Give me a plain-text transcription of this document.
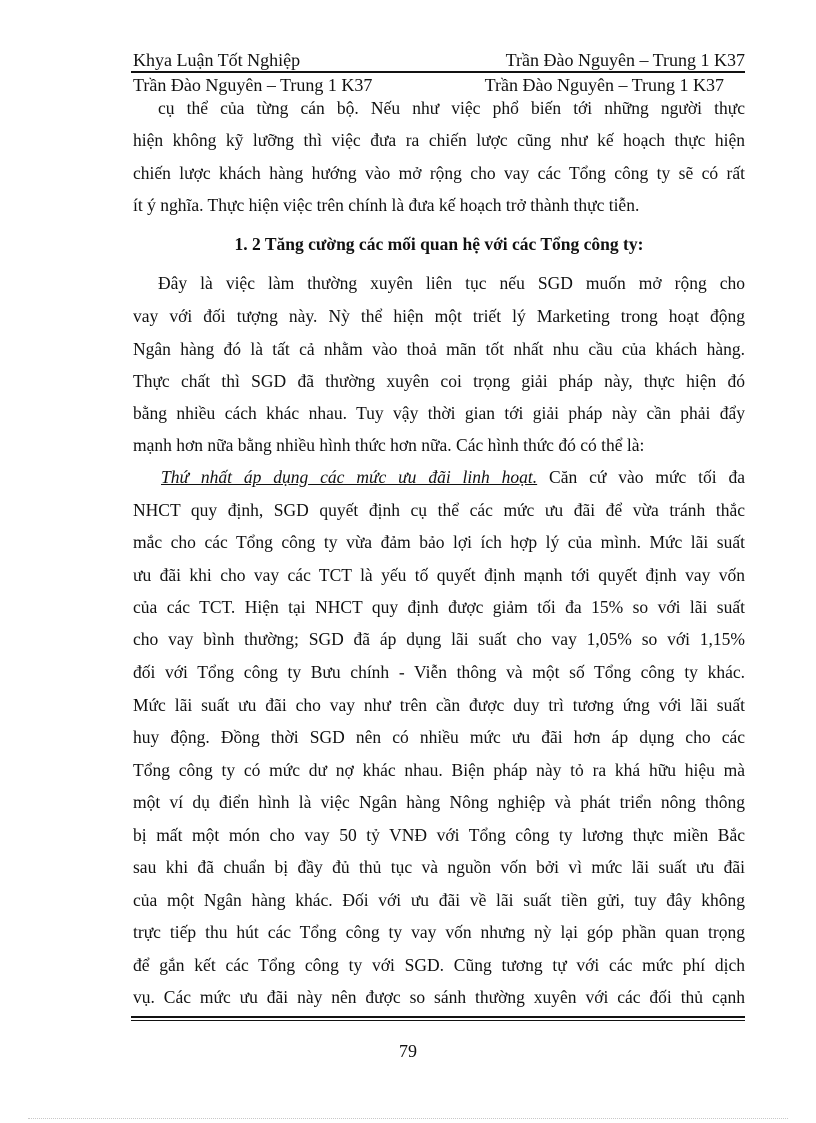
Khya Luận Tốt Nghiệp	Trần Đào Nguyên – Trung 1 K37
Trần Đào Nguyên – Trung 1 K37	Trần Đào Nguyên – Trung 1 K37
cụ thể của từng cán bộ. Nếu như việc phổ biến tới những người thực
hiện không kỹ lưỡng thì việc đưa ra chiến lược cũng như kế hoạch thực hiện
chiến lược khách hàng hướng vào mở rộng cho vay các Tổng công ty sẽ có rất
ít ý nghĩa. Thực hiện việc trên chính là đưa kế hoạch trở thành thực tiễn.
1. 2 Tăng cường các mối quan hệ với các Tổng công ty:
Đây là việc làm thường xuyên liên tục nếu SGD muốn mở rộng cho
vay với đối tượng này. Nỳ thể hiện một triết lý Marketing trong hoạt động
Ngân hàng đó là tất cả nhằm vào thoả mãn tốt nhất nhu cầu của khách hàng.
Thực chất thì SGD đã thường xuyên coi trọng giải pháp này, thực hiện đó
bằng nhiều cách khác nhau. Tuy vậy thời gian tới giải pháp này cần phải đẩy
mạnh hơn nữa bằng nhiều hình thức hơn nữa. Các hình thức đó có thể là:
Thứ nhất áp dụng các mức ưu đãi linh hoạt. Căn cứ vào mức tối đa
NHCT quy định, SGD quyết định cụ thể các mức ưu đãi để vừa tránh thắc
mắc cho các Tổng công ty vừa đảm bảo lợi ích hợp lý của mình. Mức lãi suất
ưu đãi khi cho vay các TCT là yếu tố quyết định mạnh tới quyết định vay vốn
của các TCT. Hiện tại NHCT quy định được giảm tối đa 15% so với lãi suất
cho vay bình thường; SGD đã áp dụng lãi suất cho vay 1,05% so với 1,15%
đối với Tổng công ty Bưu chính - Viễn thông và một số Tổng công ty khác.
Mức lãi suất ưu đãi cho vay như trên cần được duy trì tương ứng với lãi suất
huy động. Đồng thời SGD nên có nhiều mức ưu đãi hơn áp dụng cho các
Tổng công ty có mức dư nợ khác nhau. Biện pháp này tỏ ra khá hữu hiệu mà
một ví dụ điển hình là việc Ngân hàng Nông nghiệp và phát triển nông thông
bị mất một món cho vay 50 tỷ VNĐ với Tổng công ty lương thực miền Bắc
sau khi đã chuẩn bị đầy đủ thủ tục và nguồn vốn bởi vì mức lãi suất ưu đãi
của một Ngân hàng khác. Đối với ưu đãi về lãi suất tiền gửi, tuy đây không
trực tiếp thu hút các Tổng công ty vay vốn nhưng nỳ lại góp phần quan trọng
để gắn kết các Tổng công ty với SGD. Cũng tương tự với các mức phí dịch
vụ. Các mức ưu đãi này nên được so sánh thường xuyên với các đối thủ cạnh
79
